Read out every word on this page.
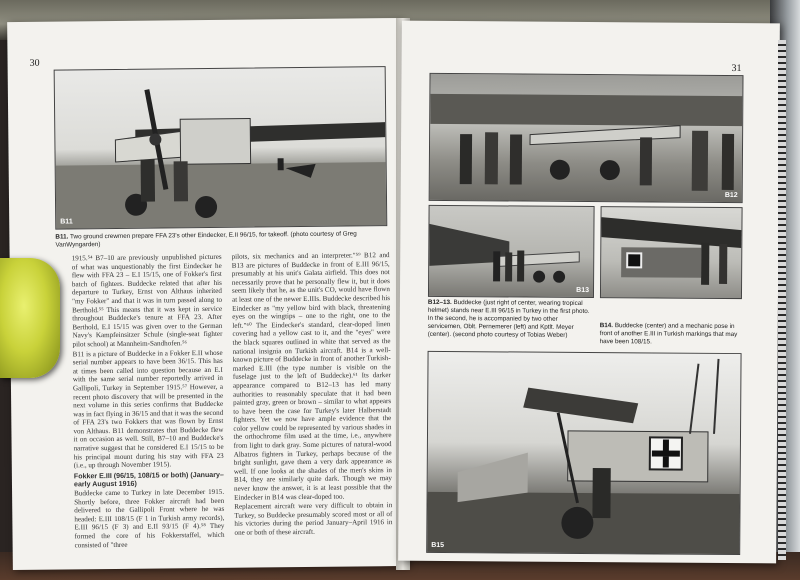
30
B11
B11. Two ground crewmen prepare FFA 23's other Eindecker, E.II 96/15, for takeoff. (photo courtesy of Greg VanWyngarden)

1915.⁵⁴ B7–10 are previously unpublished pictures of what was unquestionably the first Eindecker he flew with FFA 23 – E.I 15/15, one of Fokker's first batch of fighters. Buddecke related that after his departure to Turkey, Ernst von Althaus inherited "my Fokker" and that it was in turn passed along to Berthold.⁵⁵ This means that it was kept in service throughout Buddecke's tenure at FFA 23. After Berthold, E.I 15/15 was given over to the German Navy's Kampfeinsitzer Schule (single-seat fighter pilot school) at Mannheim-Sandhofen.⁵⁶

B11 is a picture of Buddecke in a Fokker E.II whose serial number appears to have been 36/15. This has at times been called into question because an E.I with the same serial number reportedly arrived in Gallipoli, Turkey in September 1915.⁵⁷ However, a recent photo discovery that will be presented in the next volume in this series confirms that Buddecke was in fact flying in 36/15 and that it was the second of FFA 23's two Fokkers that was flown by Ernst von Althaus. B11 demonstrates that Buddecke flew it on occasion as well. Still, B7–10 and Buddecke's narrative suggest that he considered E.I 15/15 to be his principal mount during his stay with FFA 23 (i.e., up through November 1915).

Fokker E.III (96/15, 108/15 or both) (January–early August 1916)

Buddecke came to Turkey in late December 1915. Shortly before, three Fokker aircraft had been delivered to the Gallipoli Front where he was headed: E.III 108/15 (F 1 in Turkish army records), E.III 96/15 (F 3) and E.II 93/15 (F 4).⁵⁸ They formed the core of his Fokkerstaffel, which consisted of "three

pilots, six mechanics and an interpreter."⁵⁹ B12 and B13 are pictures of Buddecke in front of E.III 96/15, presumably at his unit's Galata airfield. This does not necessarily prove that he personally flew it, but it does seem likely that he, as the unit's CO, would have flown at least one of the newer E.IIIs. Buddecke described his Eindecker as "my yellow bird with black, threatening eyes on the wingtips – one to the right, one to the left."⁶⁰ The Eindecker's standard, clear-doped linen covering had a yellow cast to it, and the "eyes" were the black squares outlined in white that served as the national insignia on Turkish aircraft. B14 is a well-known picture of Buddecke in front of another Turkish-marked E.III (the type number is visible on the fuselage just to the left of Buddecke).⁶¹ Its darker appearance compared to B12–13 has led many authorities to reasonably speculate that it had been painted gray, green or brown – similar to what appears to have been the case for Turkey's later Halberstadt fighters. Yet we now have ample evidence that the color yellow could be represented by various shades in the orthochrome film used at the time, i.e., anywhere from light to dark gray. Some pictures of natural-wood Albatros fighters in Turkey, perhaps because of the bright sunlight, gave them a very dark appearance as well. If one looks at the shades of the men's skins in B14, they are similarly quite dark. Though we may never know the answer, it is at least possible that the Eindecker in B14 was clear-doped too.

Replacement aircraft were very difficult to obtain in Turkey, so Buddecke presumably scored most or all of his victories during the period January–April 1916 in one or both of these aircraft.

31
B12
B13
B12–13. Buddecke (just right of center, wearing tropical helmet) stands near E.III 96/15 in Turkey in the first photo. In the second, he is accompanied by two other servicemen, Oblt. Pernemerer (left) and Kptlt. Meyer (center). (second photo courtesy of Tobias Weber)
B14. Buddecke (center) and a mechanic pose in front of another E.III in Turkish markings that may have been 108/15.
B15
